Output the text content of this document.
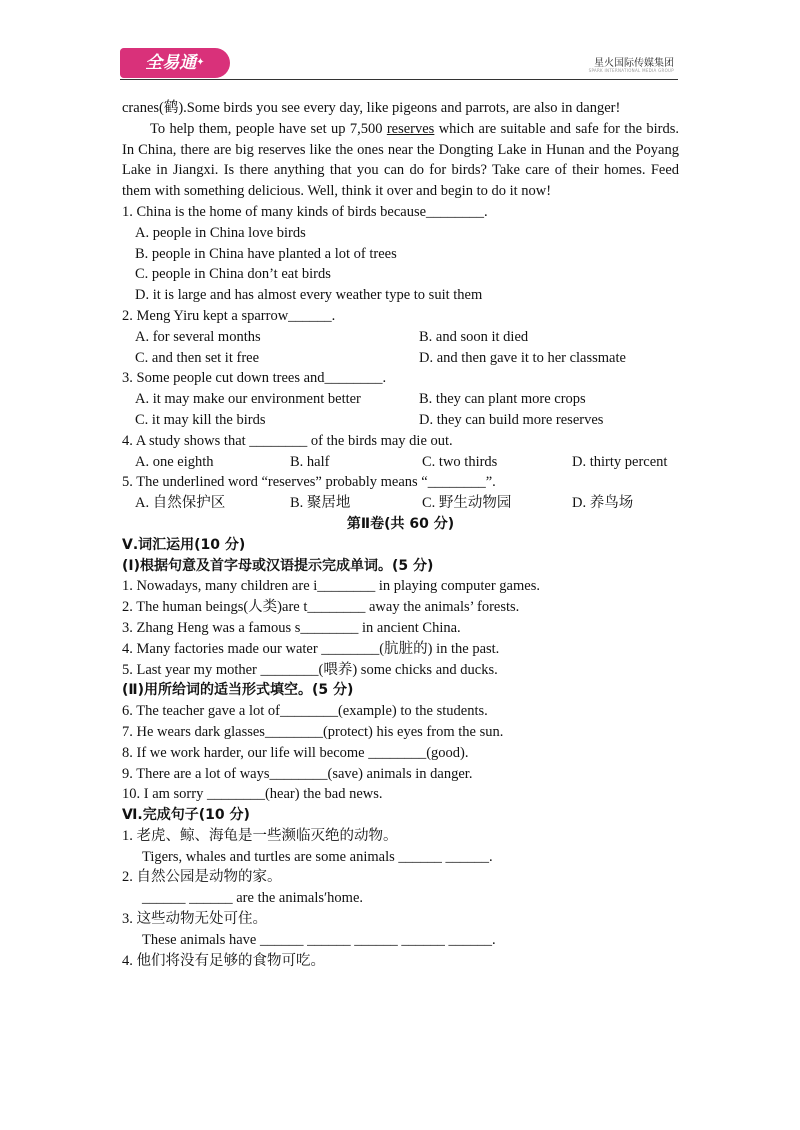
全易通✦	星火国际传媒集团
SPARK INTERNATIONAL MEDIA GROUP
cranes(鹤).Some birds you see every day, like pigeons and parrots, are also in danger!
To help them, people have set up 7,500 reserves which are suitable and safe for the birds. In China, there are big reserves like the ones near the Dongting Lake in Hunan and the Poyang Lake in Jiangxi. Is there anything that you can do for birds? Take care of their homes. Feed them with something delicious. Well, think it over and begin to do it now!
1. China is the home of many kinds of birds because________.
A. people in China love birds
B. people in China have planted a lot of trees
C. people in China don’t eat birds
D. it is large and has almost every weather type to suit them
2. Meng Yiru kept a sparrow______.
A. for several months	B. and soon it died
C. and then set it free	D. and then gave it to her classmate
3. Some people cut down trees and________.
A. it may make our environment better	B. they can plant more crops
C. it may kill the birds	D. they can build more reserves
4. A study shows that ________ of the birds may die out.
A. one eighth	B. half	C. two thirds	D. thirty percent
5. The underlined word “reserves” probably means “________”.
A. 自然保护区	B. 聚居地	C. 野生动物园	D. 养鸟场
第Ⅱ卷(共 60 分)
Ⅴ.词汇运用(10 分)
(Ⅰ)根据句意及首字母或汉语提示完成单词。(5 分)
1. Nowadays, many children are i________ in playing computer games.
2. The human beings(人类)are t________ away the animals’ forests.
3. Zhang Heng was a famous s________ in ancient China.
4. Many factories made our water ________(肮脏的) in the past.
5. Last year my mother ________(喂养) some chicks and ducks.
(Ⅱ)用所给词的适当形式填空。(5 分)
6. The teacher gave a lot of________(example) to the students.
7. He wears dark glasses________(protect) his eyes from the sun.
8. If we work harder, our life will become ________(good).
9. There are a lot of ways________(save) animals in danger.
10. I am sorry ________(hear) the bad news.
Ⅵ.完成句子(10 分)
1. 老虎、鲸、海龟是一些濒临灭绝的动物。
Tigers, whales and turtles are some animals ______ ______.
2. 自然公园是动物的家。
______ ______ are the animals′home.
3. 这些动物无处可住。
These animals have ______ ______ ______ ______ ______.
4. 他们将没有足够的食物可吃。
